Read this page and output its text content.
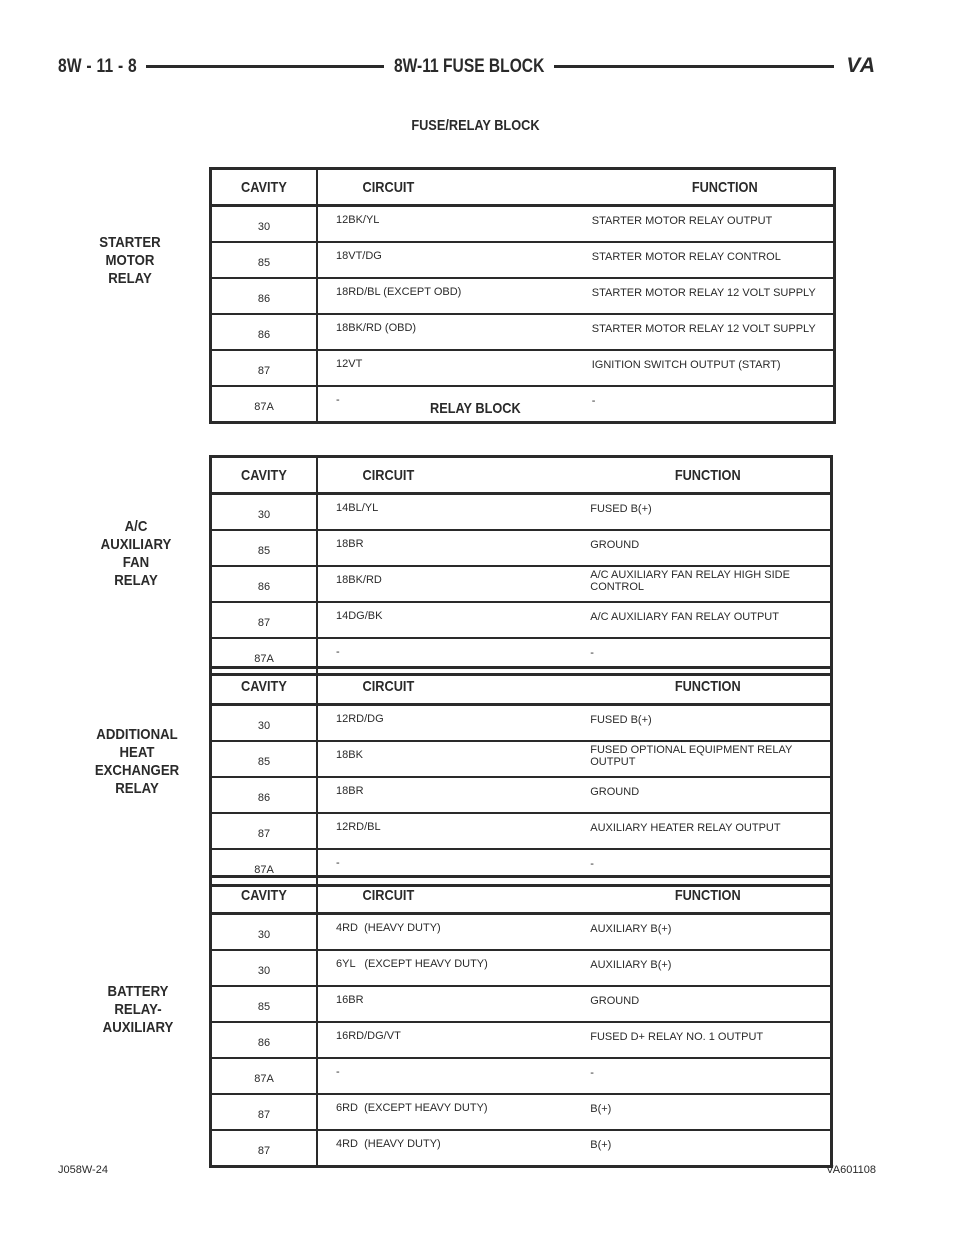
8W - 11 - 8	8W-11 FUSE BLOCK	VA
FUSE/RELAY BLOCK
RELAY BLOCK
STARTER
MOTOR
RELAY
A/C
AUXILIARY
FAN
RELAY
ADDITIONAL
HEAT
EXCHANGER
RELAY
BATTERY
RELAY-
AUXILIARY
CAVITY	CIRCUIT	FUNCTION
30	12BK/YL	STARTER MOTOR RELAY OUTPUT
85	18VT/DG	STARTER MOTOR RELAY CONTROL
86	18RD/BL (EXCEPT OBD)	STARTER MOTOR RELAY 12 VOLT SUPPLY
86	18BK/RD (OBD)	STARTER MOTOR RELAY 12 VOLT SUPPLY
87	12VT	IGNITION SWITCH OUTPUT (START)
87A	-	-
CAVITY	CIRCUIT	FUNCTION
30	14BL/YL	FUSED B(+)
85	18BR	GROUND
86	18BK/RD	A/C AUXILIARY FAN RELAY HIGH SIDE CONTROL
87	14DG/BK	A/C AUXILIARY FAN RELAY OUTPUT
87A	-	-
CAVITY	CIRCUIT	FUNCTION
30	12RD/DG	FUSED B(+)
85	18BK	FUSED OPTIONAL EQUIPMENT RELAY OUTPUT
86	18BR	GROUND
87	12RD/BL	AUXILIARY HEATER RELAY OUTPUT
87A	-	-
CAVITY	CIRCUIT	FUNCTION
30	4RD  (HEAVY DUTY)	AUXILIARY B(+)
30	6YL   (EXCEPT HEAVY DUTY)	AUXILIARY B(+)
85	16BR	GROUND
86	16RD/DG/VT	FUSED D+ RELAY NO. 1 OUTPUT
87A	-	-
87	6RD  (EXCEPT HEAVY DUTY)	B(+)
87	4RD  (HEAVY DUTY)	B(+)
J058W-24	VA601108
